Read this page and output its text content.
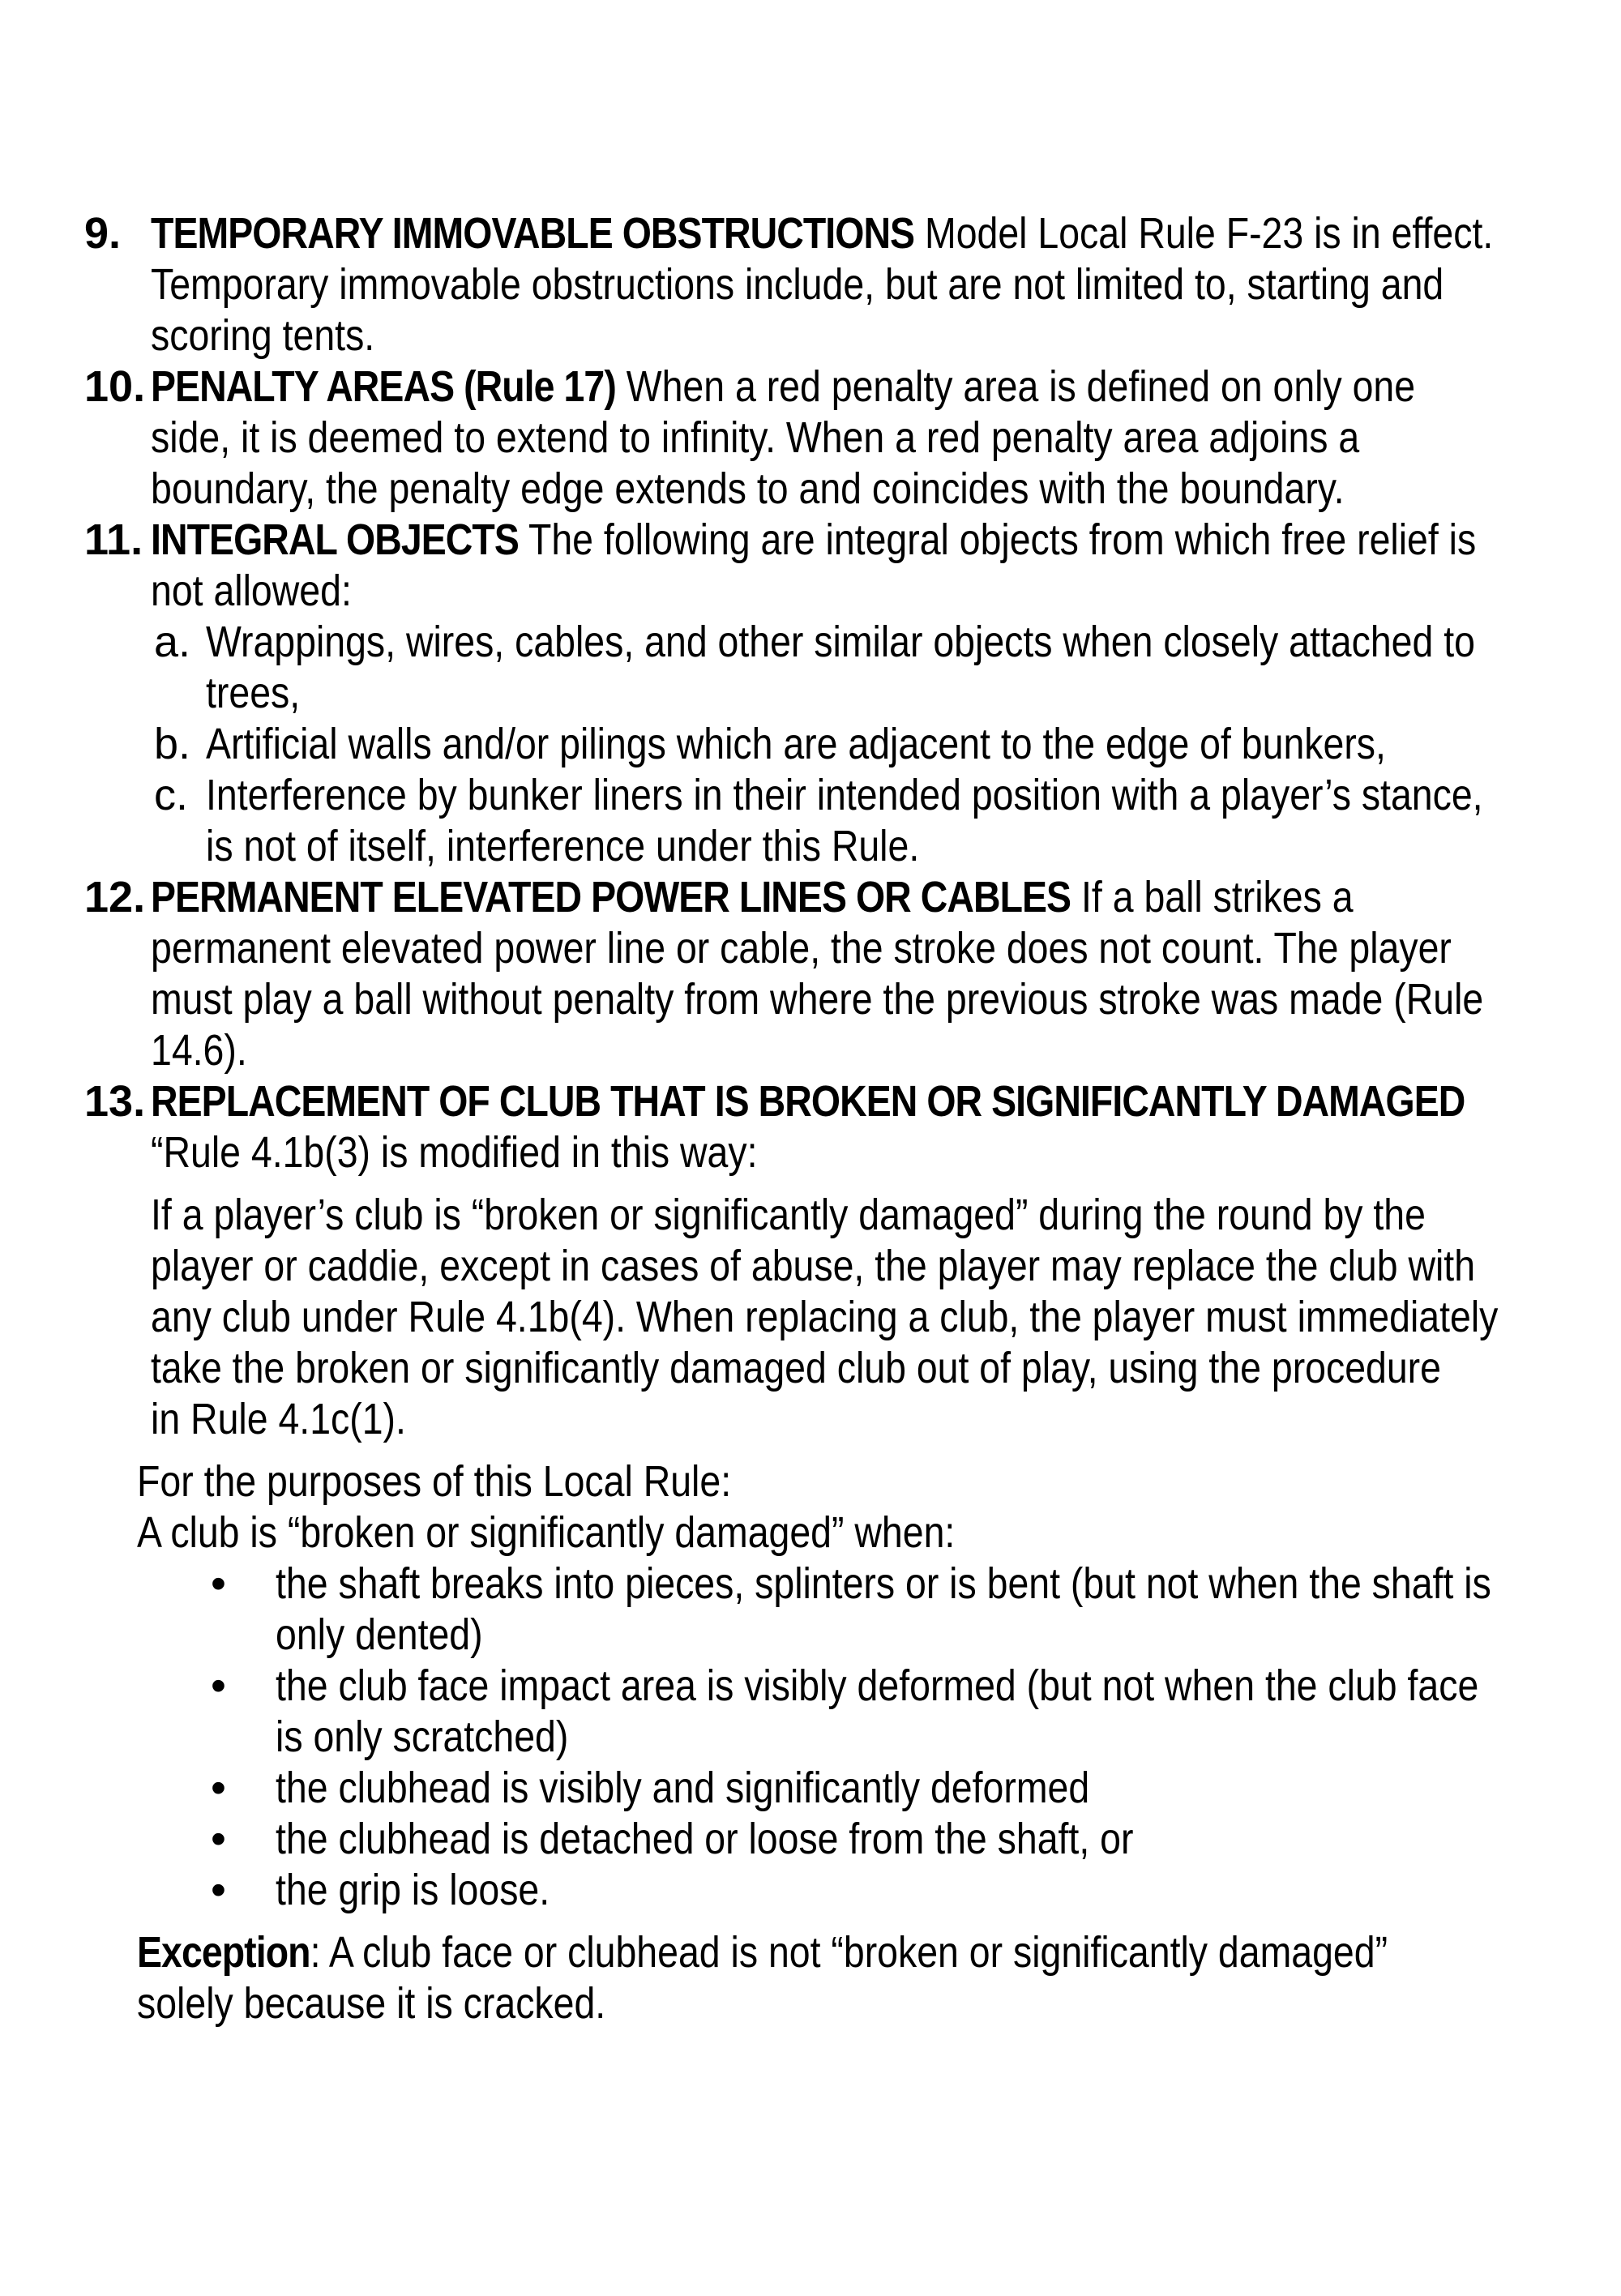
9. TEMPORARY IMMOVABLE OBSTRUCTIONS Model Local Rule F-23 is in effect.
Temporary immovable obstructions include, but are not limited to, starting and
scoring tents.
10. PENALTY AREAS (Rule 17) When a red penalty area is defined on only one
side, it is deemed to extend to infinity. When a red penalty area adjoins a
boundary, the penalty edge extends to and coincides with the boundary.
11. INTEGRAL OBJECTS The following are integral objects from which free relief is
not allowed:
a. Wrappings, wires, cables, and other similar objects when closely attached to
trees,
b. Artificial walls and/or pilings which are adjacent to the edge of bunkers,
c. Interference by bunker liners in their intended position with a player’s stance,
is not of itself, interference under this Rule.
12. PERMANENT ELEVATED POWER LINES OR CABLES If a ball strikes a
permanent elevated power line or cable, the stroke does not count. The player
must play a ball without penalty from where the previous stroke was made (Rule
14.6).
13. REPLACEMENT OF CLUB THAT IS BROKEN OR SIGNIFICANTLY DAMAGED
“Rule 4.1b(3) is modified in this way:
If a player’s club is “broken or significantly damaged” during the round by the
player or caddie, except in cases of abuse, the player may replace the club with
any club under Rule 4.1b(4). When replacing a club, the player must immediately
take the broken or significantly damaged club out of play, using the procedure
in Rule 4.1c(1).
For the purposes of this Local Rule:
A club is “broken or significantly damaged” when:
• the shaft breaks into pieces, splinters or is bent (but not when the shaft is
only dented)
• the club face impact area is visibly deformed (but not when the club face
is only scratched)
• the clubhead is visibly and significantly deformed
• the clubhead is detached or loose from the shaft, or
• the grip is loose.
Exception: A club face or clubhead is not “broken or significantly damaged”
solely because it is cracked.
